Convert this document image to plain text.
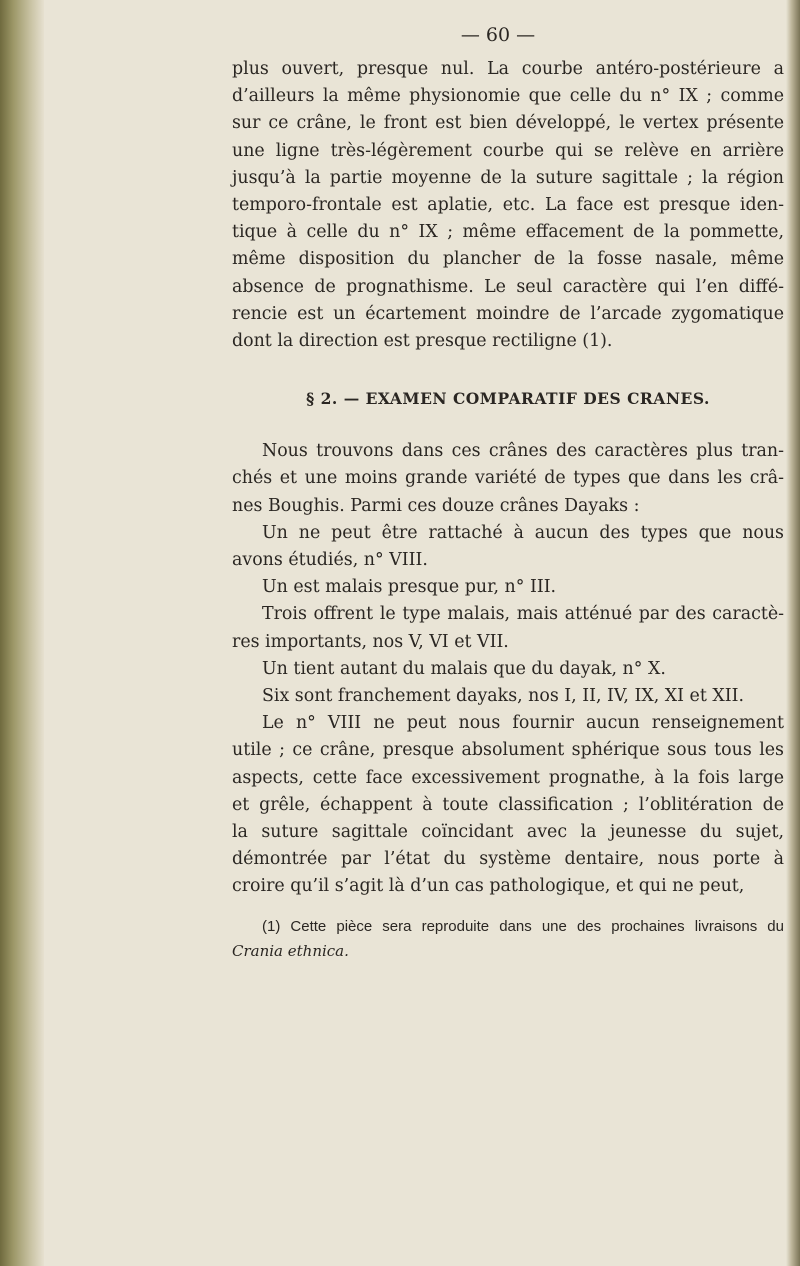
— 60 —
plus ouvert, presque nul. La courbe antéro-postérieure a
d’ailleurs la même physionomie que celle du n° IX ; comme
sur ce crâne, le front est bien développé, le vertex présente
une ligne très-légèrement courbe qui se relève en arrière
jusqu’à la partie moyenne de la suture sagittale ; la région
temporo-frontale est aplatie, etc. La face est presque iden-
tique à celle du n° IX ; même effacement de la pommette,
même disposition du plancher de la fosse nasale, même
absence de prognathisme. Le seul caractère qui l’en diffé-
rencie est un écartement moindre de l’arcade zygomatique
dont la direction est presque rectiligne (1).
§ 2. — EXAMEN COMPARATIF DES CRANES.
Nous trouvons dans ces crânes des caractères plus tran-
chés et une moins grande variété de types que dans les crâ-
nes Boughis. Parmi ces douze crânes Dayaks :
Un ne peut être rattaché à aucun des types que nous
avons étudiés, n° VIII.
Un est malais presque pur, n° III.
Trois offrent le type malais, mais atténué par des caractè-
res importants, nos V, VI et VII.
Un tient autant du malais que du dayak, n° X.
Six sont franchement dayaks, nos I, II, IV, IX, XI et XII.
Le n° VIII ne peut nous fournir aucun renseignement
utile ; ce crâne, presque absolument sphérique sous tous les
aspects, cette face excessivement prognathe, à la fois large
et grêle, échappent à toute classification ; l’oblitération de
la suture sagittale coïncidant avec la jeunesse du sujet,
démontrée par l’état du système dentaire, nous porte à
croire qu’il s’agit là d’un cas pathologique, et qui ne peut,
(1) Cette pièce sera reproduite dans une des prochaines livraisons du
Crania ethnica.
